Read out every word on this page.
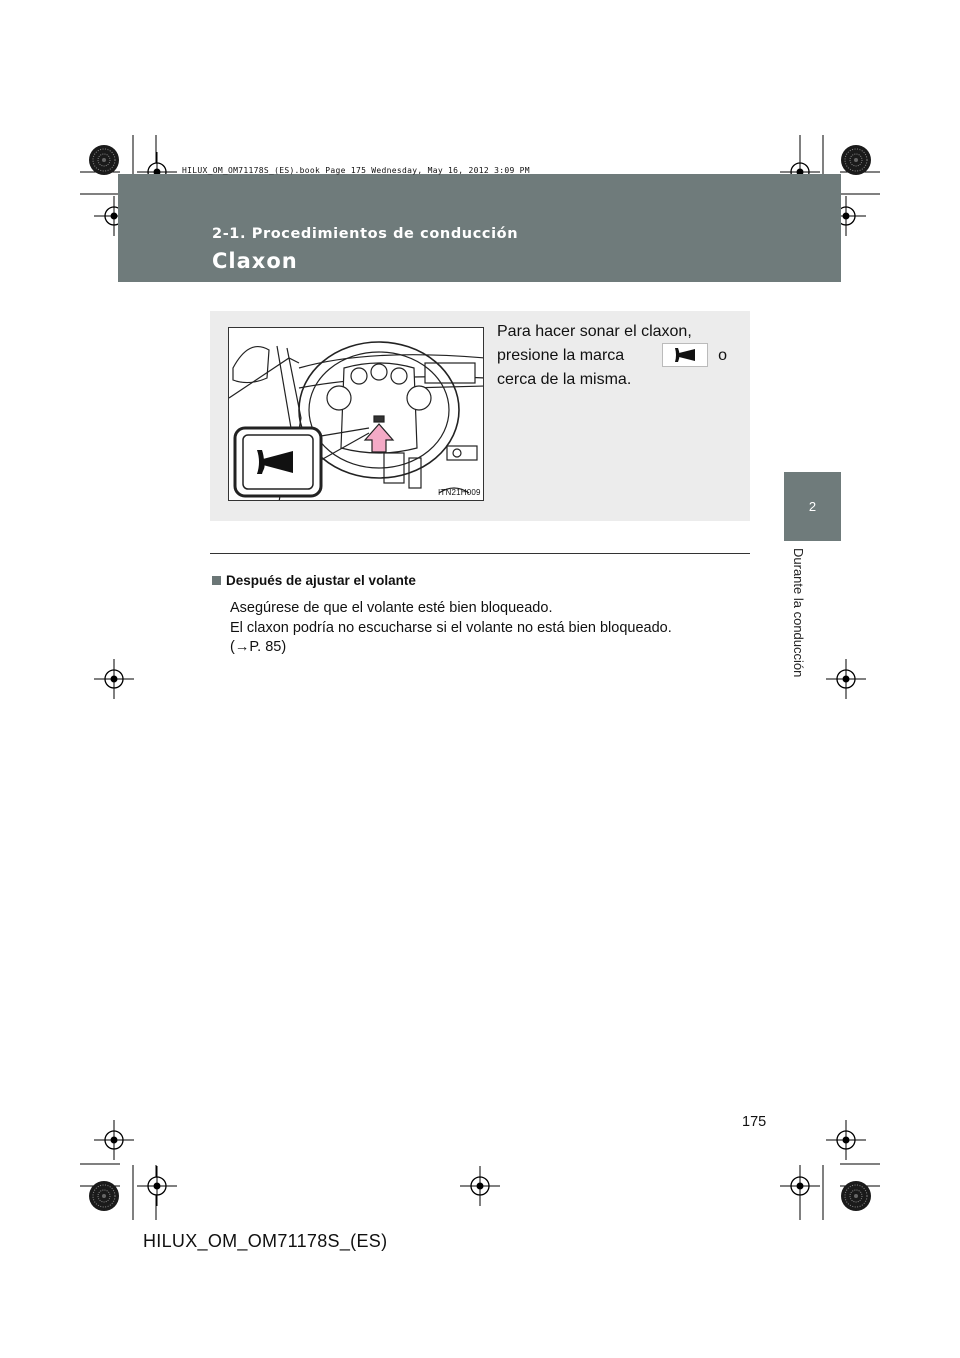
HILUX_OM_OM71178S_(ES).book Page 175 Wednesday, May 16, 2012 3:09 PM
2-1. Procedimientos de conducción
Claxon
2
Durante la conducción
ITN21H009
Para hacer sonar el claxon,
presione la marca	o
cerca de la misma.
Después de ajustar el volante
Asegúrese de que el volante esté bien bloqueado.
El claxon podría no escucharse si el volante no está bien bloqueado.
(→P. 85)
175
HILUX_OM_OM71178S_(ES)
